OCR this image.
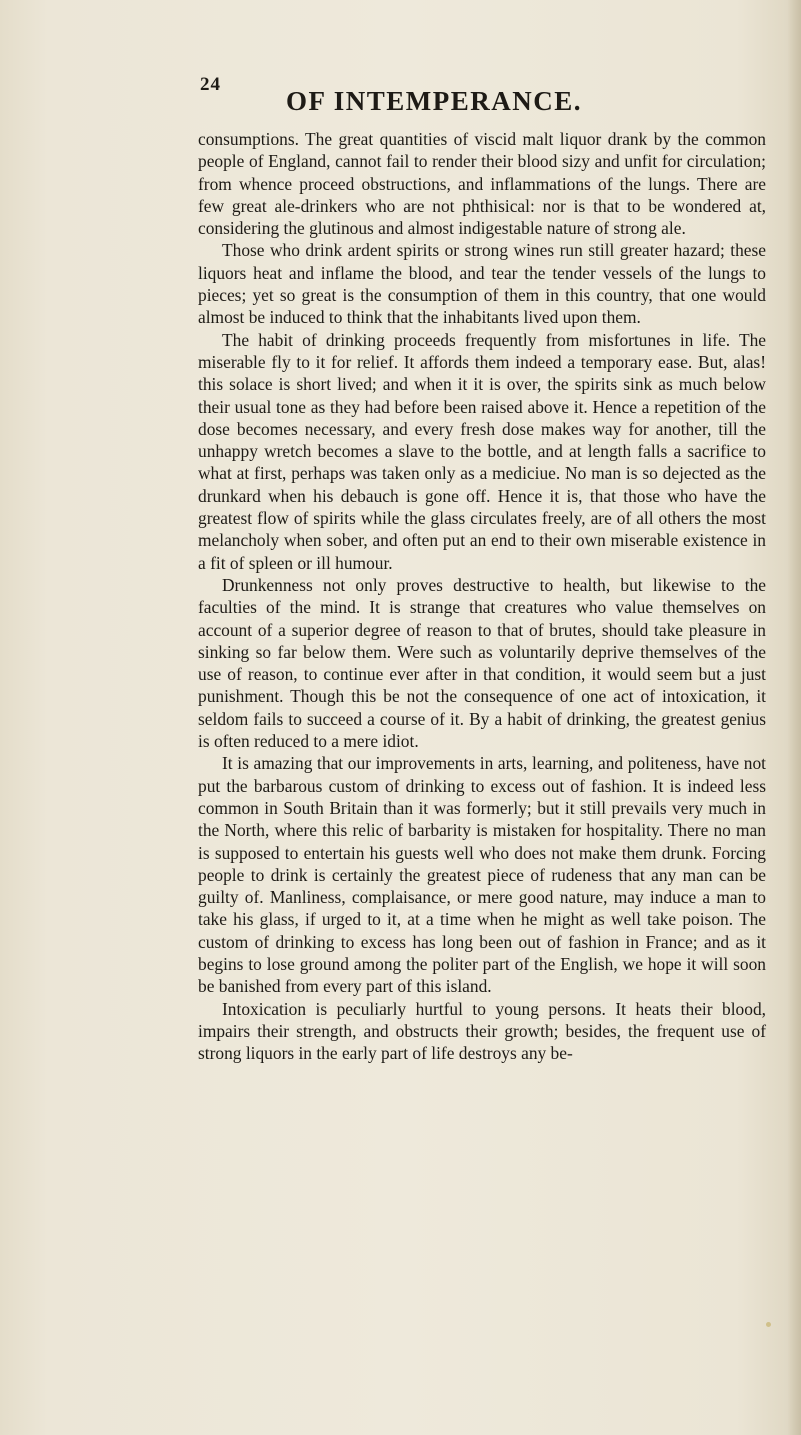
24
OF INTEMPERANCE.

consumptions. The great quantities of viscid malt liquor drank by the common people of England, cannot fail to render their blood sizy and unfit for circulation; from whence proceed obstructions, and inflammations of the lungs. There are few great ale-drinkers who are not phthisical: nor is that to be wondered at, considering the glutinous and almost indigestable nature of strong ale.

Those who drink ardent spirits or strong wines run still greater hazard; these liquors heat and inflame the blood, and tear the tender vessels of the lungs to pieces; yet so great is the consumption of them in this country, that one would almost be induced to think that the inhabitants lived upon them.

The habit of drinking proceeds frequently from misfortunes in life. The miserable fly to it for relief. It affords them indeed a temporary ease. But, alas! this solace is short lived; and when it it is over, the spirits sink as much below their usual tone as they had before been raised above it. Hence a repetition of the dose becomes necessary, and every fresh dose makes way for another, till the unhappy wretch becomes a slave to the bottle, and at length falls a sacrifice to what at first, perhaps was taken only as a mediciue. No man is so dejected as the drunkard when his debauch is gone off. Hence it is, that those who have the greatest flow of spirits while the glass circulates freely, are of all others the most melancholy when sober, and often put an end to their own miserable existence in a fit of spleen or ill humour.

Drunkenness not only proves destructive to health, but likewise to the faculties of the mind. It is strange that creatures who value themselves on account of a superior degree of reason to that of brutes, should take pleasure in sinking so far below them. Were such as voluntarily deprive themselves of the use of reason, to continue ever after in that condition, it would seem but a just punishment. Though this be not the consequence of one act of intoxication, it seldom fails to succeed a course of it. By a habit of drinking, the greatest genius is often reduced to a mere idiot.

It is amazing that our improvements in arts, learning, and politeness, have not put the barbarous custom of drinking to excess out of fashion. It is indeed less common in South Britain than it was formerly; but it still prevails very much in the North, where this relic of barbarity is mistaken for hospitality. There no man is supposed to entertain his guests well who does not make them drunk. Forcing people to drink is certainly the greatest piece of rudeness that any man can be guilty of. Manliness, complaisance, or mere good nature, may induce a man to take his glass, if urged to it, at a time when he might as well take poison. The custom of drinking to excess has long been out of fashion in France; and as it begins to lose ground among the politer part of the English, we hope it will soon be banished from every part of this island.

Intoxication is peculiarly hurtful to young persons. It heats their blood, impairs their strength, and obstructs their growth; besides, the frequent use of strong liquors in the early part of life destroys any be-
